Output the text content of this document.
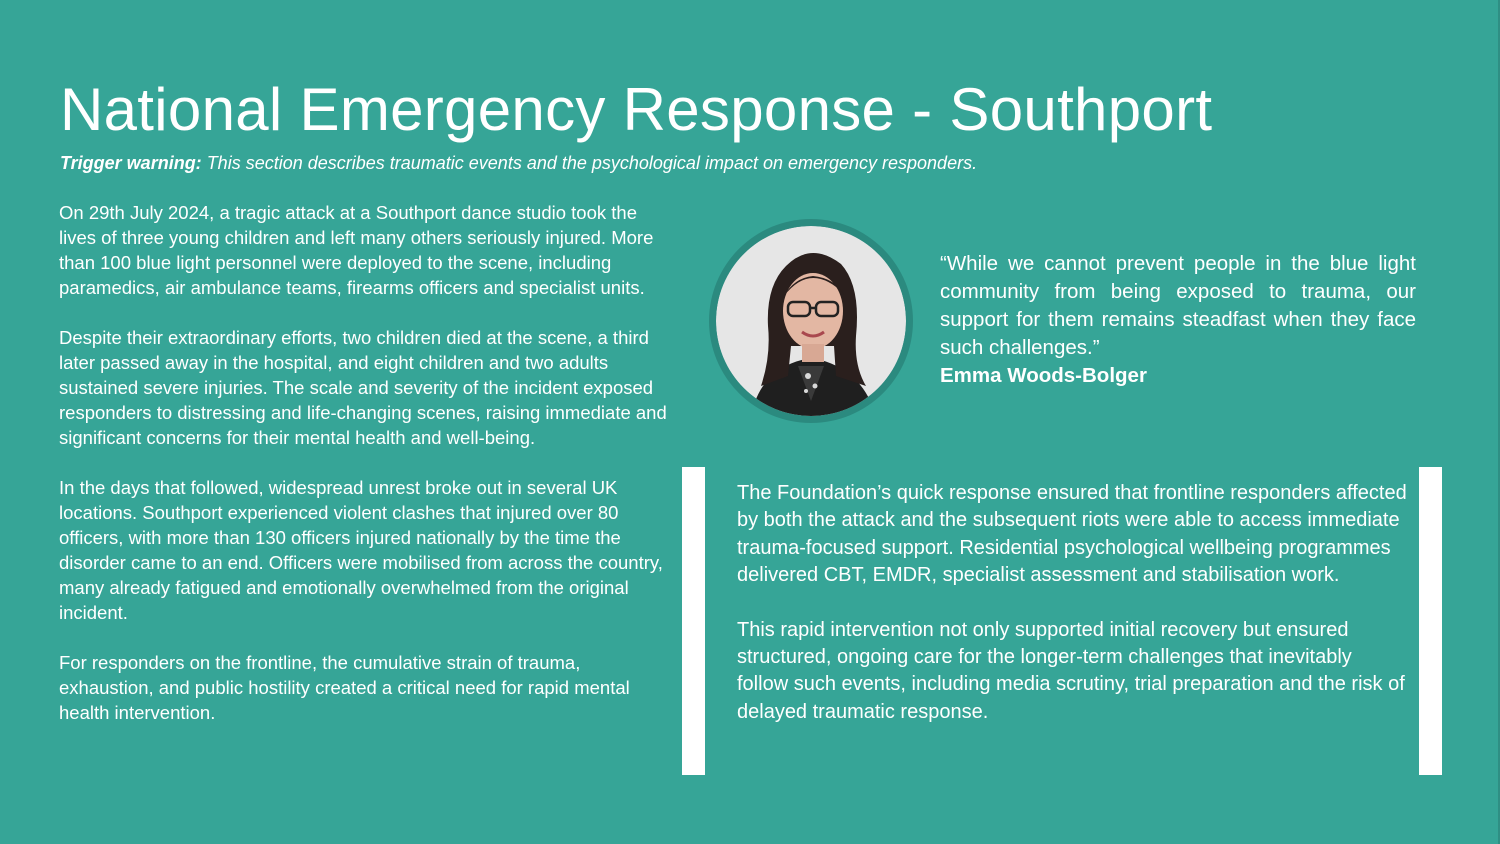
National Emergency Response - Southport
Trigger warning: This section describes traumatic events and the psychological impact on emergency responders.

On 29th July 2024, a tragic attack at a Southport dance studio took the lives of three young children and left many others seriously injured. More than 100 blue light personnel were deployed to the scene, including paramedics, air ambulance teams, firearms officers and specialist units.

Despite their extraordinary efforts, two children died at the scene, a third later passed away in the hospital, and eight children and two adults sustained severe injuries. The scale and severity of the incident exposed responders to distressing and life-changing scenes, raising immediate and significant concerns for their mental health and well-being.

In the days that followed, widespread unrest broke out in several UK locations. Southport experienced violent clashes that injured over 80 officers, with more than 130 officers injured nationally by the time the disorder came to an end. Officers were mobilised from across the country, many already fatigued and emotionally overwhelmed from the original incident.

For responders on the frontline, the cumulative strain of trauma, exhaustion, and public hostility created a critical need for rapid mental health intervention.

“While we cannot prevent people in the blue light community from being exposed to trauma, our support for them remains steadfast when they face such challenges.”
Emma Woods-Bolger

The Foundation’s quick response ensured that frontline responders affected by both the attack and the subsequent riots were able to access immediate trauma-focused support. Residential psychological wellbeing programmes delivered CBT, EMDR, specialist assessment and stabilisation work.

This rapid intervention not only supported initial recovery but ensured structured, ongoing care for the longer-term challenges that inevitably follow such events, including media scrutiny, trial preparation and the risk of delayed traumatic response.
